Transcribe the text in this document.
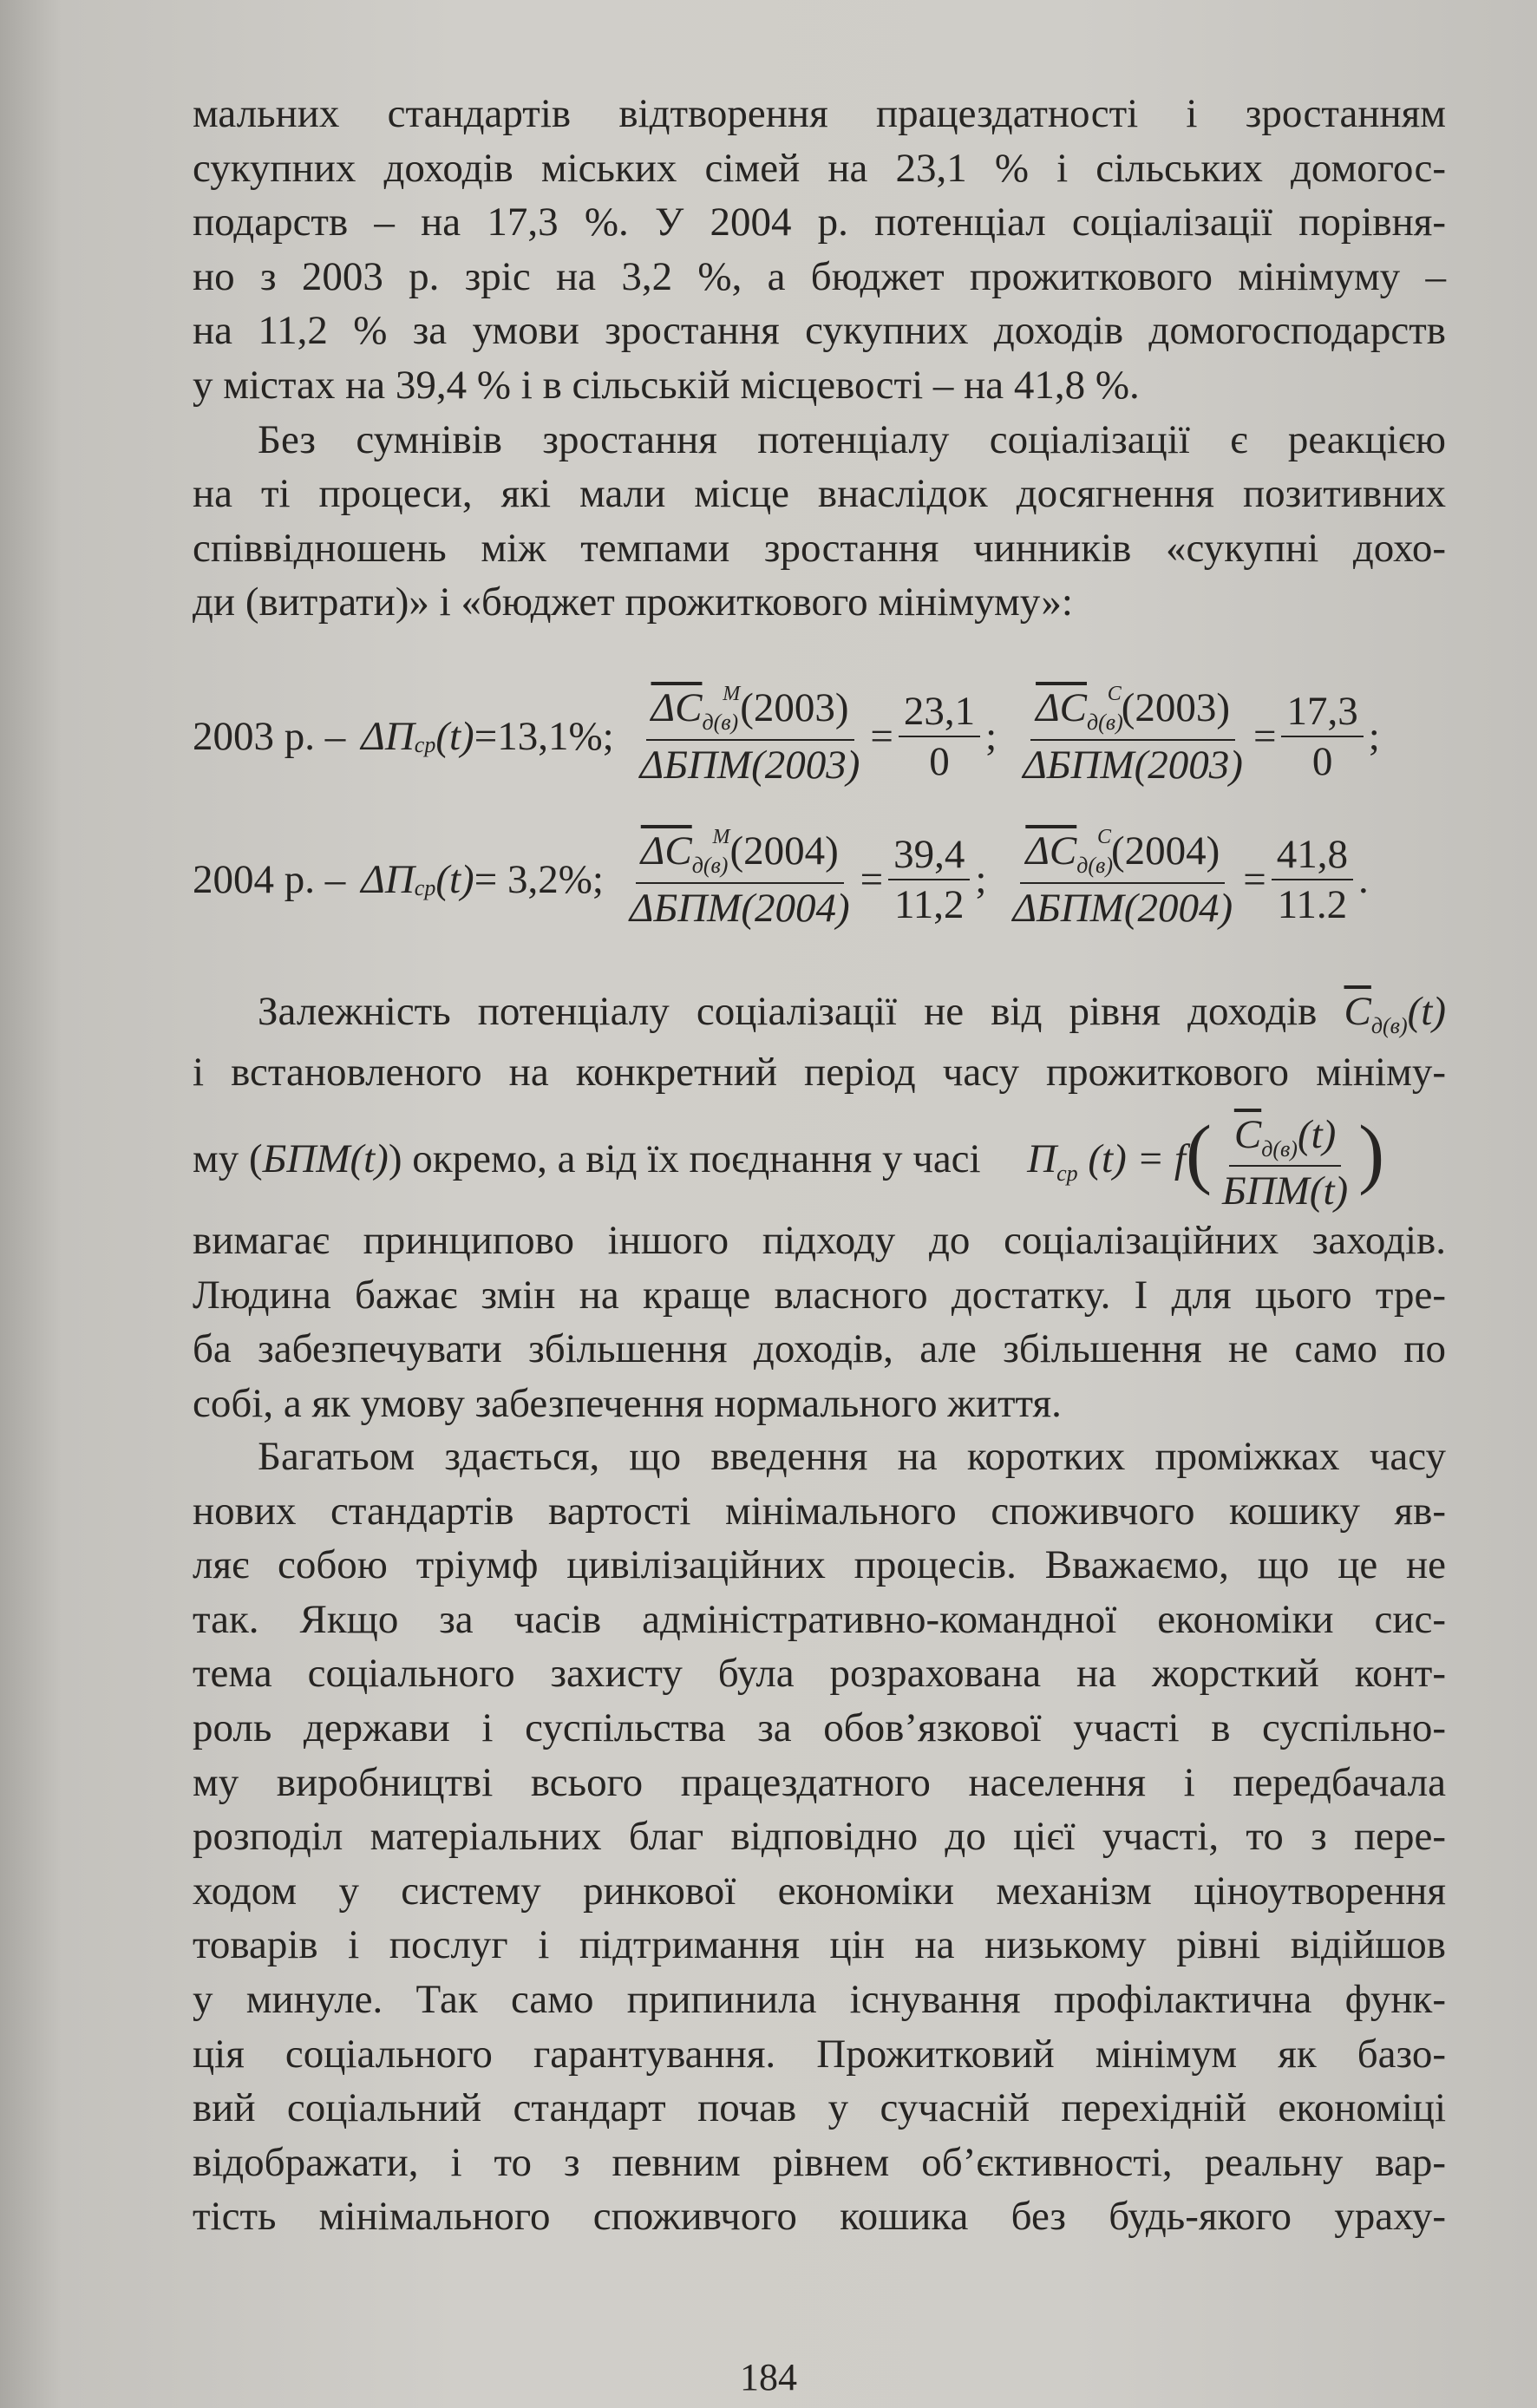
мальних стандартів відтворення працездатності і зростанням
сукупних доходів міських сімей на 23,1 % і сільських домогос-
подарств – на 17,3 %. У 2004 р. потенціал соціалізації порівня-
но з 2003 р. зріс на 3,2 %, а бюджет прожиткового мінімуму –
на 11,2 % за умови зростання сукупних доходів домогосподарств
у містах на 39,4 % і в сільській місцевості – на 41,8 %.
Без сумнівів зростання потенціалу соціалізації є реакцією
на ті процеси, які мали місце внаслідок досягнення позитивних
співвідношень між темпами зростання чинників «сукупні дохо-
ди (витрати)» і «бюджет прожиткового мінімуму»:
2003 р. – ΔП ср (t) =13,1%; $\frac{\overline{\Delta C}_{д(в)}^M(2003)}{\text{ΔБПМ(2003)}} = \frac{23,1}{0}$ ; $\frac{\overline{\Delta C}_{д(в)}^C(2003)}{\text{ΔБПМ(2003)}} = \frac{17,3}{0}$ ;
2004 р. – ΔП ср (t) = 3,2%; $\frac{\overline{\Delta C}_{д(в)}^M(2004)}{\text{ΔБПМ(2004)}} = \frac{39,4}{11,2}$ ; $\frac{\overline{\Delta C}_{д(в)}^C(2004)}{\text{ΔБПМ(2004)}} = \frac{41,8}{11.2}$ .
Залежність потенціалу соціалізації не від рівня доходів $\overline{C}_{д(в)}(t)$
і встановленого на конкретний період часу прожиткового мініму-
му (БПМ(t)) окремо, а від їх поєднання у часі $П_{ср}$ $(t) = f( \frac{\overline{C}_{д(в)}(t)}{\text{БПМ(t)}}$ )
вимагає принципово іншого підходу до соціалізаційних заходів.
Людина бажає змін на краще власного достатку. І для цього тре-
ба забезпечувати збільшення доходів, але збільшення не само по
собі, а як умову забезпечення нормального життя.
Багатьом здається, що введення на коротких проміжках часу
нових стандартів вартості мінімального споживчого кошику яв-
ляє собою тріумф цивілізаційних процесів. Вважаємо, що це не
так. Якщо за часів адміністративно-командної економіки сис-
тема соціального захисту була розрахована на жорсткий конт-
роль держави і суспільства за обов’язкової участі в суспільно-
му виробництві всього працездатного населення і передбачала
розподіл матеріальних благ відповідно до цієї участі, то з пере-
ходом у систему ринкової економіки механізм ціноутворення
товарів і послуг і підтримання цін на низькому рівні відійшов
у минуле. Так само припинила існування профілактична функ-
ція соціального гарантування. Прожитковий мінімум як базо-
вий соціальний стандарт почав у сучасній перехідній економіці
відображати, і то з певним рівнем об’єктивності, реальну вар-
тість мінімального споживчого кошика без будь-якого ураху-
184
